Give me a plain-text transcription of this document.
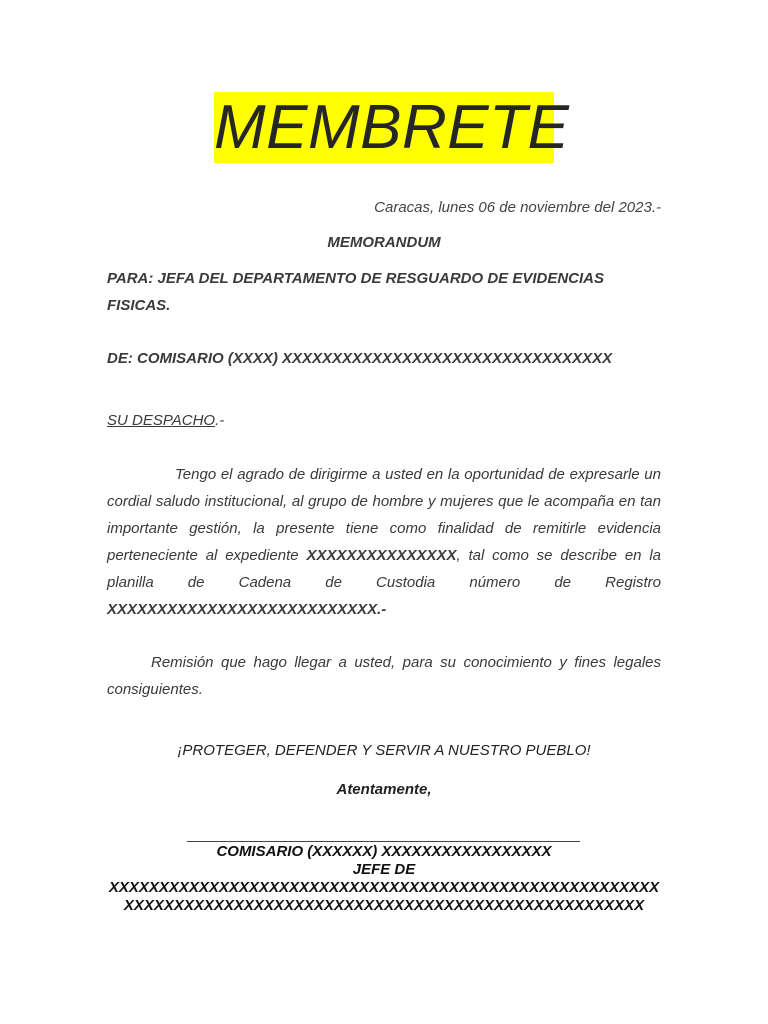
MEMBRETE
Caracas, lunes 06 de noviembre del 2023.-
MEMORANDUM
PARA: JEFA DEL DEPARTAMENTO DE RESGUARDO DE EVIDENCIAS
FISICAS.
DE: COMISARIO (XXXX) XXXXXXXXXXXXXXXXXXXXXXXXXXXXXXXXX
SU DESPACHO.-
Tengo el agrado de dirigirme a usted en la oportunidad de expresarle un
cordial saludo institucional, al grupo de hombre y mujeres que le acompaña en tan
importante gestión, la presente tiene como finalidad de remitirle evidencia
perteneciente al expediente XXXXXXXXXXXXXXX, tal como se describe en la
planilla de Cadena de Custodia número de Registro
XXXXXXXXXXXXXXXXXXXXXXXXXXX.-
Remisión que hago llegar a usted, para su conocimiento y fines legales
consiguientes.
¡PROTEGER, DEFENDER Y SERVIR A NUESTRO PUEBLO!
Atentamente,
COMISARIO (XXXXXX) XXXXXXXXXXXXXXXXX
JEFE DE
XXXXXXXXXXXXXXXXXXXXXXXXXXXXXXXXXXXXXXXXXXXXXXXXXXXXXXX
XXXXXXXXXXXXXXXXXXXXXXXXXXXXXXXXXXXXXXXXXXXXXXXXXXXX
